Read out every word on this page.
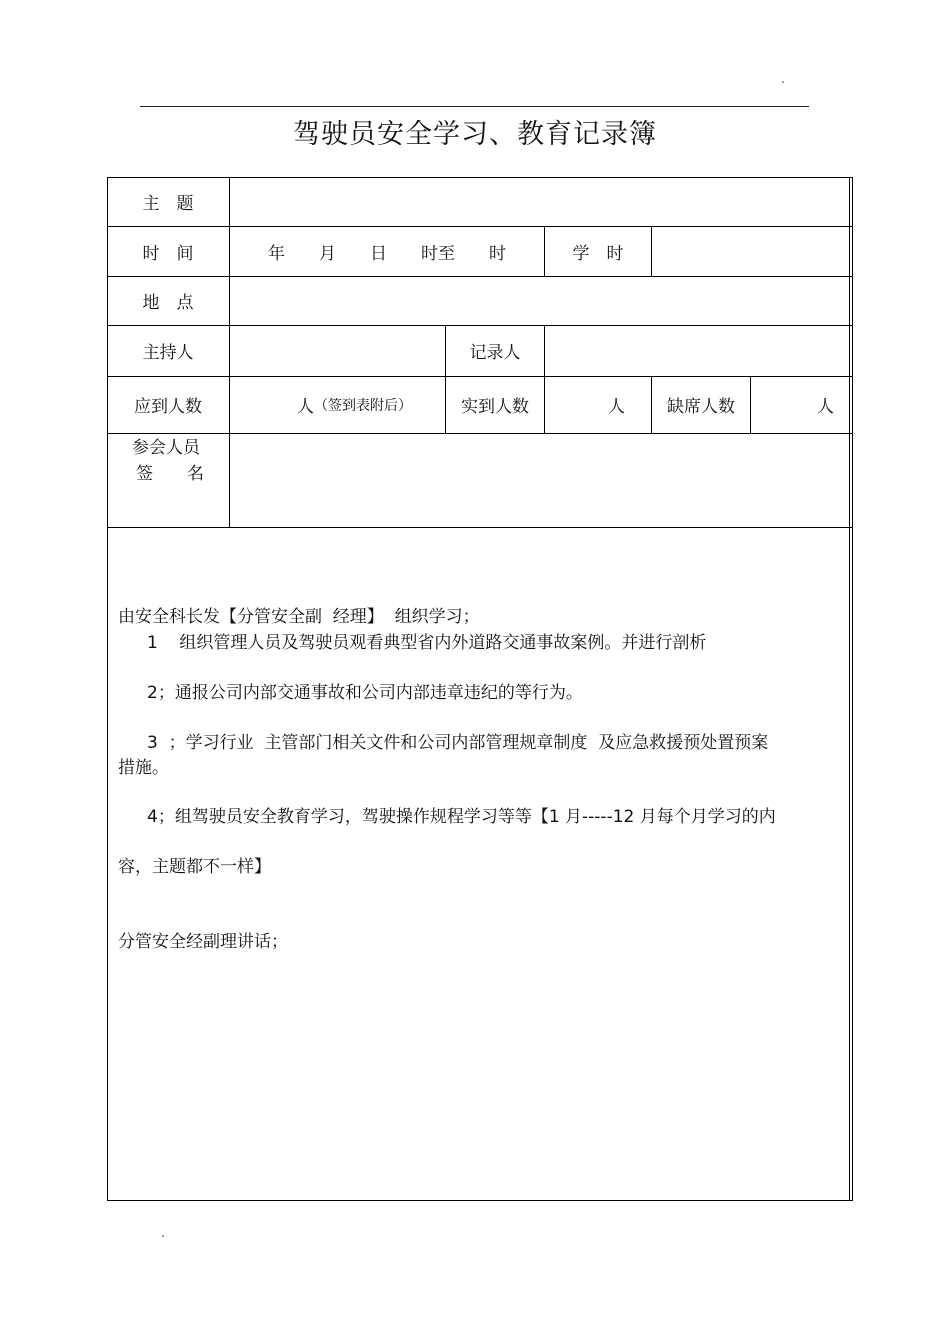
.
驾驶员安全学习、教育记录簿
主　题
时　间	年　　月　　日　　时至　　时	学　时
地　点
主持人	记录人
应到人数	人 （签到表附后）	实到人数	人	缺席人数	人
参会人员
签　　名
由安全科长发【分管安全副  经理】  组织学习；
1    组织管理人员及驾驶员观看典型省内外道路交通事故案例。并进行剖析
2；通报公司内部交通事故和公司内部违章违纪的等行为。
3  ；学习行业  主管部门相关文件和公司内部管理规章制度  及应急救援预处置预案
措施。
4；组驾驶员安全教育学习，驾驶操作规程学习等等【1 月-----12 月每个月学习的内
容，主题都不一样】
分管安全经副理讲话；
.
